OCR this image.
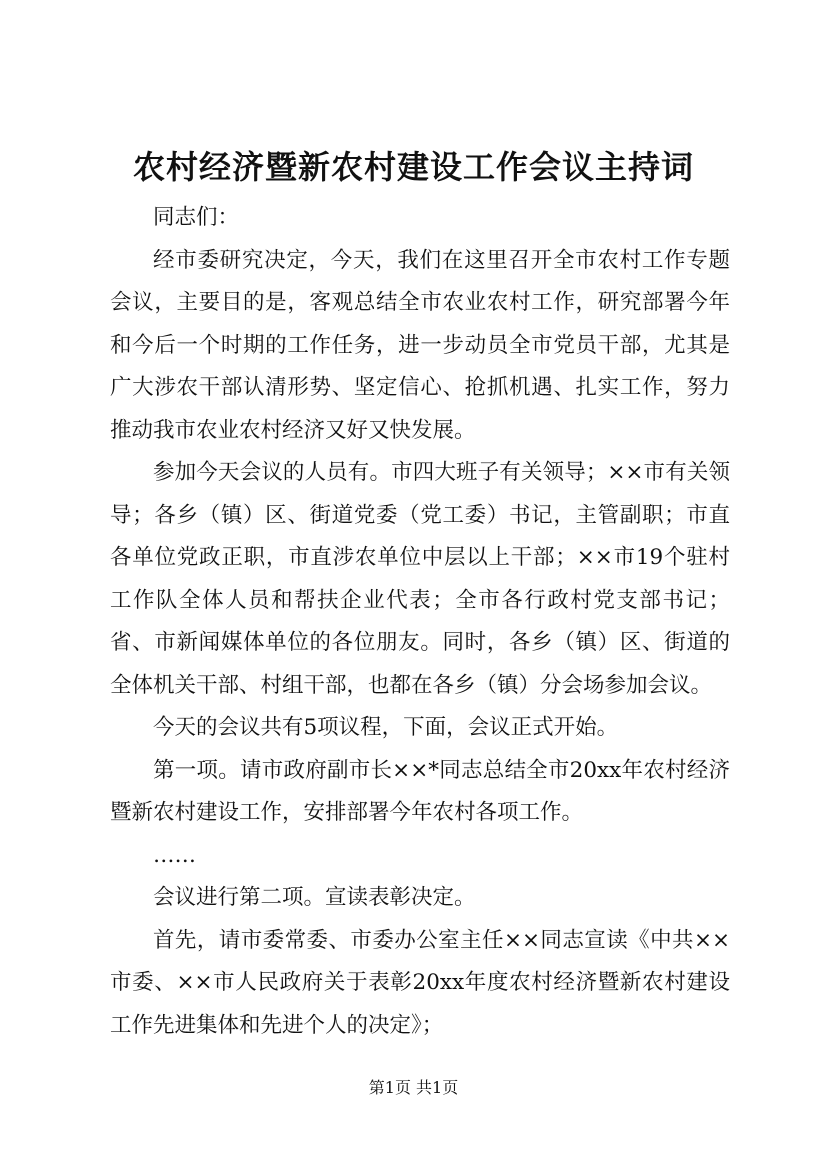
农村经济暨新农村建设工作会议主持词

同志们：

经市委研究决定，今天，我们在这里召开全市农村工作专题会议，主要目的是，客观总结全市农业农村工作，研究部署今年和今后一个时期的工作任务，进一步动员全市党员干部，尤其是广大涉农干部认清形势、坚定信心、抢抓机遇、扎实工作，努力推动我市农业农村经济又好又快发展。

参加今天会议的人员有。市四大班子有关领导；××市有关领导；各乡（镇）区、街道党委（党工委）书记，主管副职；市直各单位党政正职，市直涉农单位中层以上干部；××市19个驻村工作队全体人员和帮扶企业代表；全市各行政村党支部书记；省、市新闻媒体单位的各位朋友。同时，各乡（镇）区、街道的全体机关干部、村组干部，也都在各乡（镇）分会场参加会议。

今天的会议共有5项议程，下面，会议正式开始。

第一项。请市政府副市长××*同志总结全市20xx年农村经济暨新农村建设工作，安排部署今年农村各项工作。

……

会议进行第二项。宣读表彰决定。

首先，请市委常委、市委办公室主任××同志宣读《中共××市委、××市人民政府关于表彰20xx年度农村经济暨新农村建设工作先进集体和先进个人的决定》；

第1页 共1页
